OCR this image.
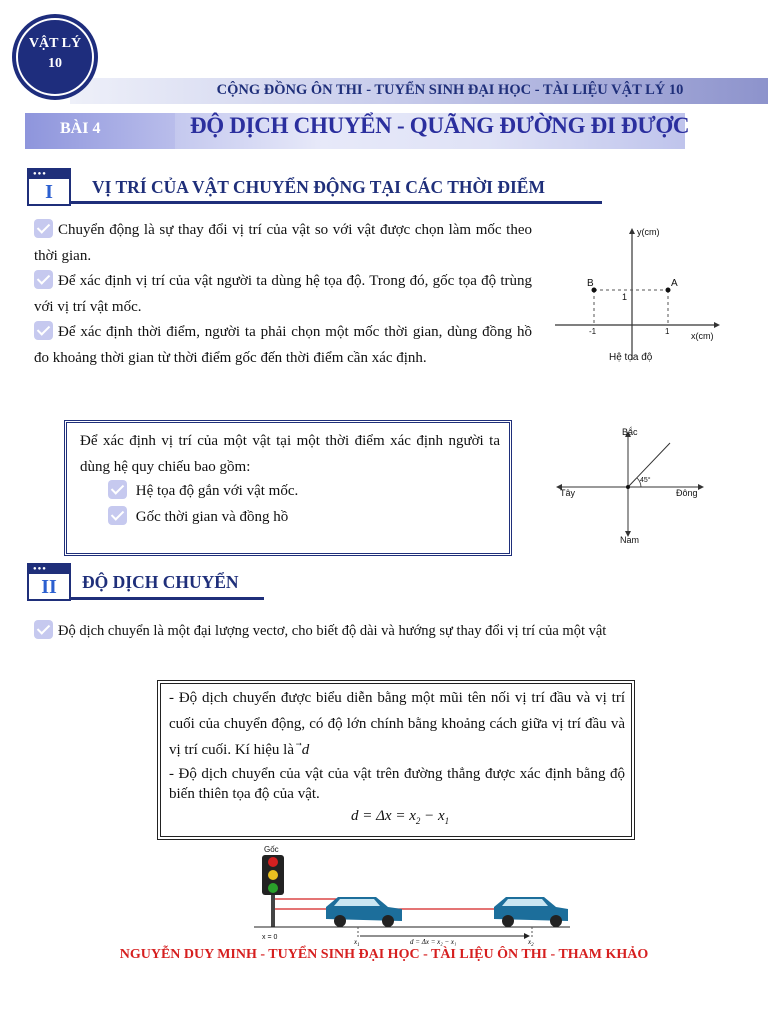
CỘNG ĐỒNG ÔN THI - TUYỂN SINH ĐẠI HỌC - TÀI LIỆU VẬT LÝ 10
VẬT LÝ
10
BÀI 4	ĐỘ DỊCH CHUYỂN - QUÃNG ĐƯỜNG ĐI ĐƯỢC
●●●
I	VỊ TRÍ CỦA VẬT CHUYỂN ĐỘNG TẠI CÁC THỜI ĐIỂM
Chuyển động là sự thay đổi vị trí của vật so với vật được chọn làm mốc theo thời gian.
Để xác định vị trí của vật người ta dùng hệ tọa độ. Trong đó, gốc tọa độ trùng với vị trí vật mốc.
Để xác định thời điểm, người ta phải chọn một mốc thời gian, dùng đồng hồ đo khoảng thời gian từ thời điểm gốc đến thời điểm cần xác định.
y(cm)
x(cm)
B	A
1
1
-1
Hệ tọa độ
Để xác định vị trí của một vật tại một thời điểm xác định người ta dùng hệ quy chiếu bao gồm:
Hệ tọa độ gắn với vật mốc.
Gốc thời gian và đồng hồ
Bắc
Nam
Đông
Tây
45°
●●●
II	ĐỘ DỊCH CHUYỂN
Độ dịch chuyển là một đại lượng vectơ, cho biết độ dài và hướng sự thay đổi vị trí của một vật
- Độ dịch chuyển được biểu diễn bằng một mũi tên nối vị trí đầu và vị trí cuối của chuyển động, có độ lớn chính bằng khoảng cách giữa vị trí đầu và vị trí cuối. Kí hiệu là d
- Độ dịch chuyển của vật của vật trên đường thẳng được xác định bằng độ biến thiên tọa độ của vật.
$d = \Delta x = x_2 - x_1$
Gốc
x = 0
$x_1$	$x_2$
d = Δx = x₂ − x₁
NGUYỄN DUY MINH - TUYỂN SINH ĐẠI HỌC - TÀI LIỆU ÔN THI - THAM KHẢO
